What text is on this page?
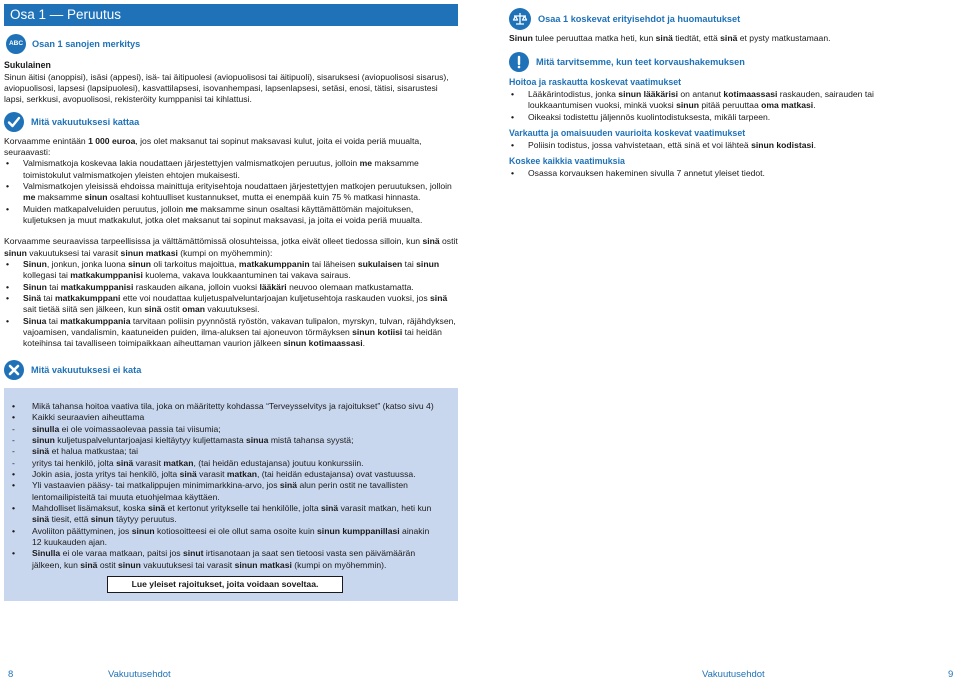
Osa 1 — Peruutus
ABC Osan 1 sanojen merkitys
Sukulainen
Sinun äitisi (anoppisi), isäsi (appesi), isä- tai äitipuolesi (aviopuolisosi tai äitipuoli), sisaruksesi (aviopuolisosi sisarus), aviopuolisosi, lapsesi (lapsipuolesi), kasvattilapsesi, isovanhempasi, lapsenlapsesi, setäsi, enosi, tätisi, sisarustesi lapsi, serkkusi, avopuolisosi, rekisteröity kumppanisi tai kihlattusi.
Mitä vakuutuksesi kattaa
Korvaamme enintään 1 000 euroa, jos olet maksanut tai sopinut maksavasi kulut, joita ei voida periä muualta, seuraavasti:
• Valmismatkoja koskevaa lakia noudattaen järjestettyjen valmismatkojen peruutus, jolloin me maksamme toimistokulut valmismatkojen yleisten ehtojen mukaisesti.
• Valmismatkojen yleisissä ehdoissa mainittuja erityisehtoja noudattaen järjestettyjen matkojen peruutuksen, jolloin me maksamme sinun osaltasi kohtuulliset kustannukset, mutta ei enempää kuin 75 % matkasi hinnasta.
• Muiden matkapalveluiden peruutus, jolloin me maksamme sinun osaltasi käyttämättömän majoituksen, kuljetuksen ja muut matkakulut, jotka olet maksanut tai sopinut maksavasi, ja joita ei voida periä muualta.
Korvaamme seuraavissa tarpeellisissa ja välttämättömissä olosuhteissa, jotka eivät olleet tiedossa silloin, kun sinä ostit sinun vakuutuksesi tai varasit sinun matkasi (kumpi on myöhemmin):
• Sinun, jonkun, jonka luona sinun oli tarkoitus majoittua, matkakumppanin tai läheisen sukulaisen tai sinun kollegasi tai matkakumppanisi kuolema, vakava loukkaantuminen tai vakava sairaus.
• Sinun tai matkakumppanisi raskauden aikana, jolloin vuoksi lääkäri neuvoo olemaan matkustamatta.
• Sinä tai matkakumppani ette voi noudattaa kuljetuspalveluntarjoajan kuljetusehtoja raskauden vuoksi, jos sinä sait tietää siitä sen jälkeen, kun sinä ostit oman vakuutuksesi.
• Sinua tai matkakumppania tarvitaan poliisin pyynnöstä ryöstön, vakavan tulipalon, myrskyn, tulvan, räjähdyksen, vajoamisen, vandalismin, kaatuneiden puiden, ilma-aluksen tai ajoneuvon törmäyksen sinun kotiisi tai heidän koteihinsa tai tavalliseen toimipaikkaan aiheuttaman vaurion jälkeen sinun kotimaassasi.
Mitä vakuutuksesi ei kata
• Mikä tahansa hoitoa vaativa tila, joka on määritetty kohdassa “Terveysselvitys ja rajoitukset” (katso sivu 4)
• Kaikki seuraavien aiheuttama
- sinulla ei ole voimassaolevaa passia tai viisumia;
- sinun kuljetuspalveluntarjoajasi kieltäytyy kuljettamasta sinua mistä tahansa syystä;
- sinä et halua matkustaa; tai
- yritys tai henkilö, jolta sinä varasit matkan, (tai heidän edustajansa) joutuu konkurssiin.
• Jokin asia, josta yritys tai henkilö, jolta sinä varasit matkan, (tai heidän edustajansa) ovat vastuussa.
• Yli vastaavien pääsy- tai matkalippujen minimimarkkina-arvo, jos sinä alun perin ostit ne tavallisten lentomailipisteitä tai muuta etuohjelmaa käyttäen.
• Mahdolliset lisämaksut, koska sinä et kertonut yritykselle tai henkilölle, jolta sinä varasit matkan, heti kun sinä tiesit, että sinun täytyy peruutus.
• Avoliiton päättyminen, jos sinun kotiosoitteesi ei ole ollut sama osoite kuin sinun kumppanillasi ainakin 12 kuukauden ajan.
• Sinulla ei ole varaa matkaan, paitsi jos sinut irtisanotaan ja saat sen tietoosi vasta sen päivämäärän jälkeen, kun sinä ostit sinun vakuutuksesi tai varasit sinun matkasi (kumpi on myöhemmin).
Lue yleiset rajoitukset, joita voidaan soveltaa.
Osaa 1 koskevat erityisehdot ja huomautukset
Sinun tulee peruuttaa matka heti, kun sinä tiedtät, että sinä et pysty matkustamaan.
Mitä tarvitsemme, kun teet korvaushakemuksen
Hoitoa ja raskautta koskevat vaatimukset
• Lääkärintodistus, jonka sinun lääkärisi on antanut kotimaassasi raskauden, sairauden tai loukkaantumisen vuoksi, minkä vuoksi sinun pitää peruuttaa oma matkasi.
• Oikeaksi todistettu jäljennös kuolintodistuksesta, mikäli tarpeen.
Varkautta ja omaisuuden vaurioita koskevat vaatimukset
• Poliisin todistus, jossa vahvistetaan, että sinä et voi lähteä sinun kodistasi.
Koskee kaikkia vaatimuksia
• Osassa korvauksen hakeminen sivulla 7 annetut yleiset tiedot.
8	Vakuutusehdot	Vakuutusehdot	9
